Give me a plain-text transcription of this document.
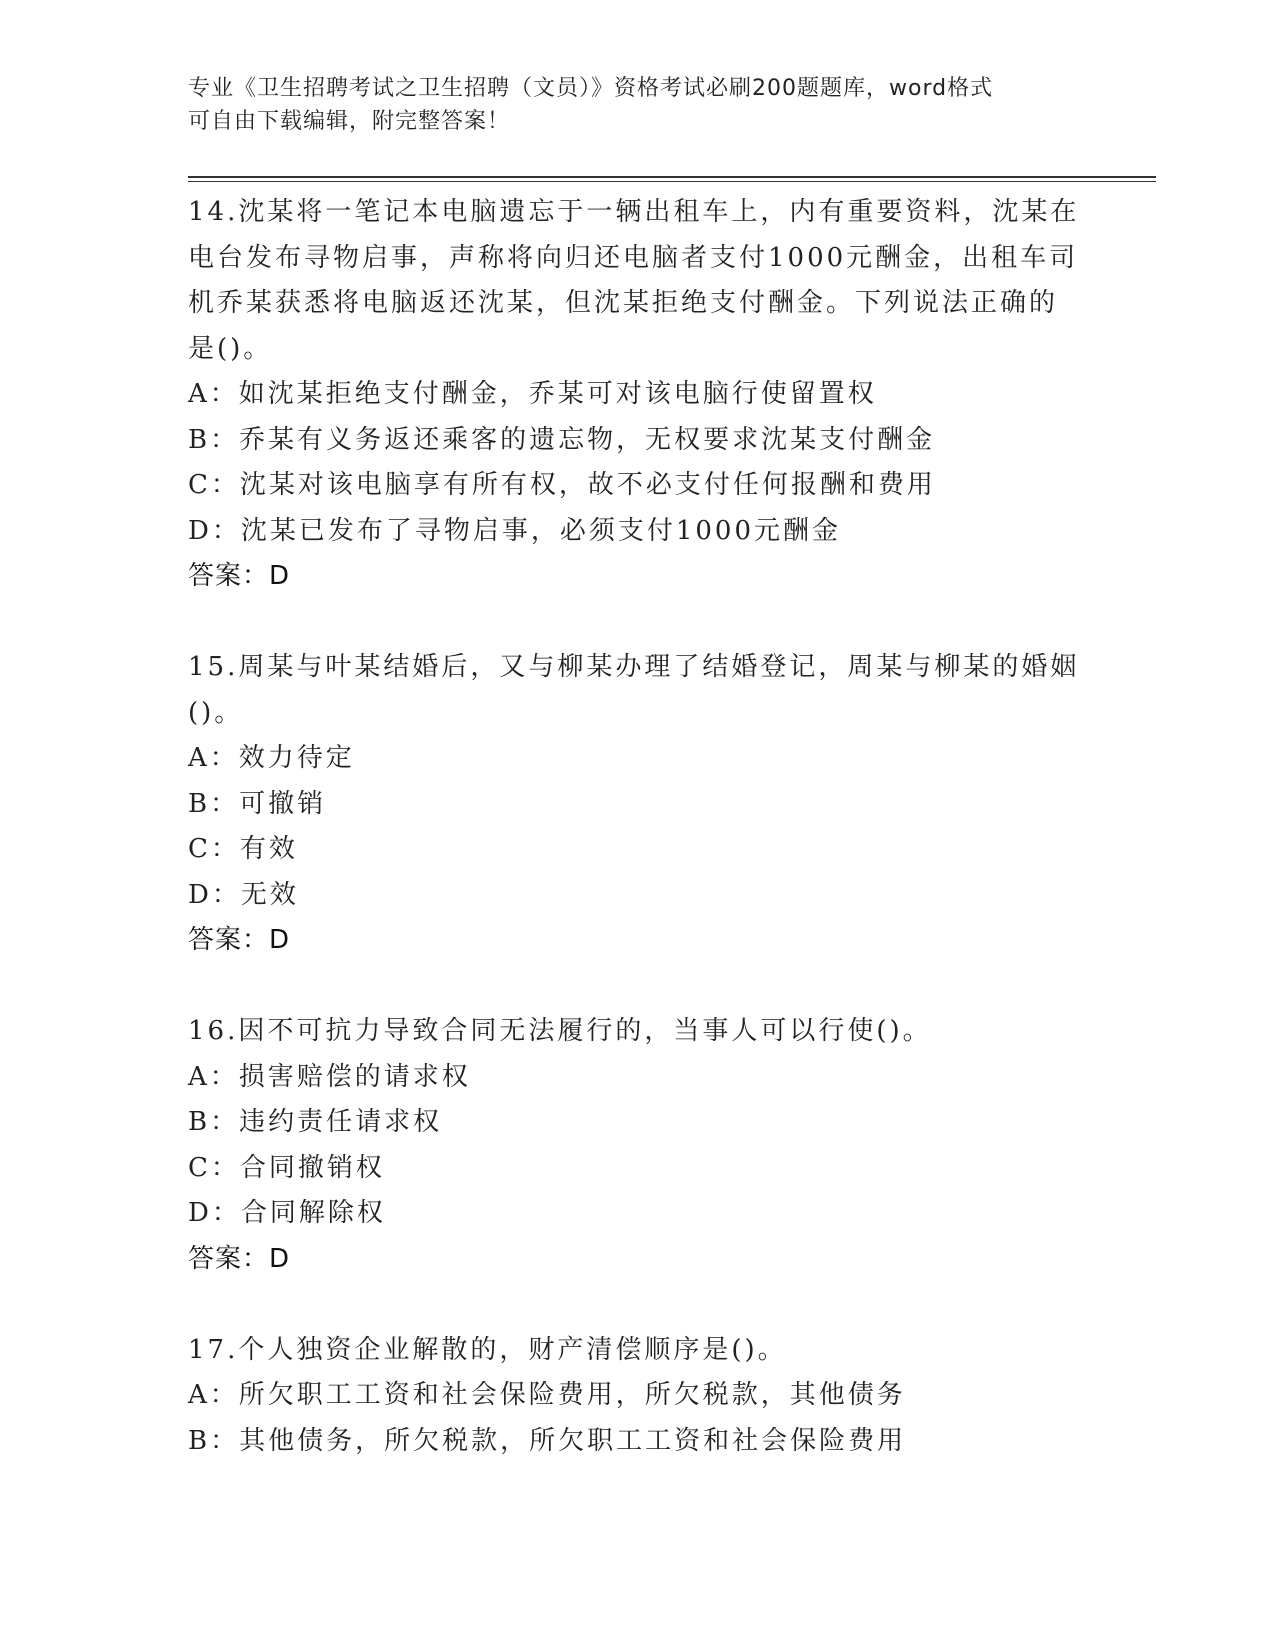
专业《卫生招聘考试之卫生招聘（文员）》资格考试必刷200题题库，word格式
可自由下载编辑，附完整答案！

14.沈某将一笔记本电脑遗忘于一辆出租车上，内有重要资料，沈某在

电台发布寻物启事，声称将向归还电脑者支付1000元酬金，出租车司

机乔某获悉将电脑返还沈某，但沈某拒绝支付酬金。下列说法正确的

是()。

A：如沈某拒绝支付酬金，乔某可对该电脑行使留置权

B：乔某有义务返还乘客的遗忘物，无权要求沈某支付酬金

C：沈某对该电脑享有所有权，故不必支付任何报酬和费用

D：沈某已发布了寻物启事，必须支付1000元酬金

答案：D

15.周某与叶某结婚后，又与柳某办理了结婚登记，周某与柳某的婚姻

()。

A：效力待定

B：可撤销

C：有效

D：无效

答案：D

16.因不可抗力导致合同无法履行的，当事人可以行使()。

A：损害赔偿的请求权

B：违约责任请求权

C：合同撤销权

D：合同解除权

答案：D

17.个人独资企业解散的，财产清偿顺序是()。

A：所欠职工工资和社会保险费用，所欠税款，其他债务

B：其他债务，所欠税款，所欠职工工资和社会保险费用
